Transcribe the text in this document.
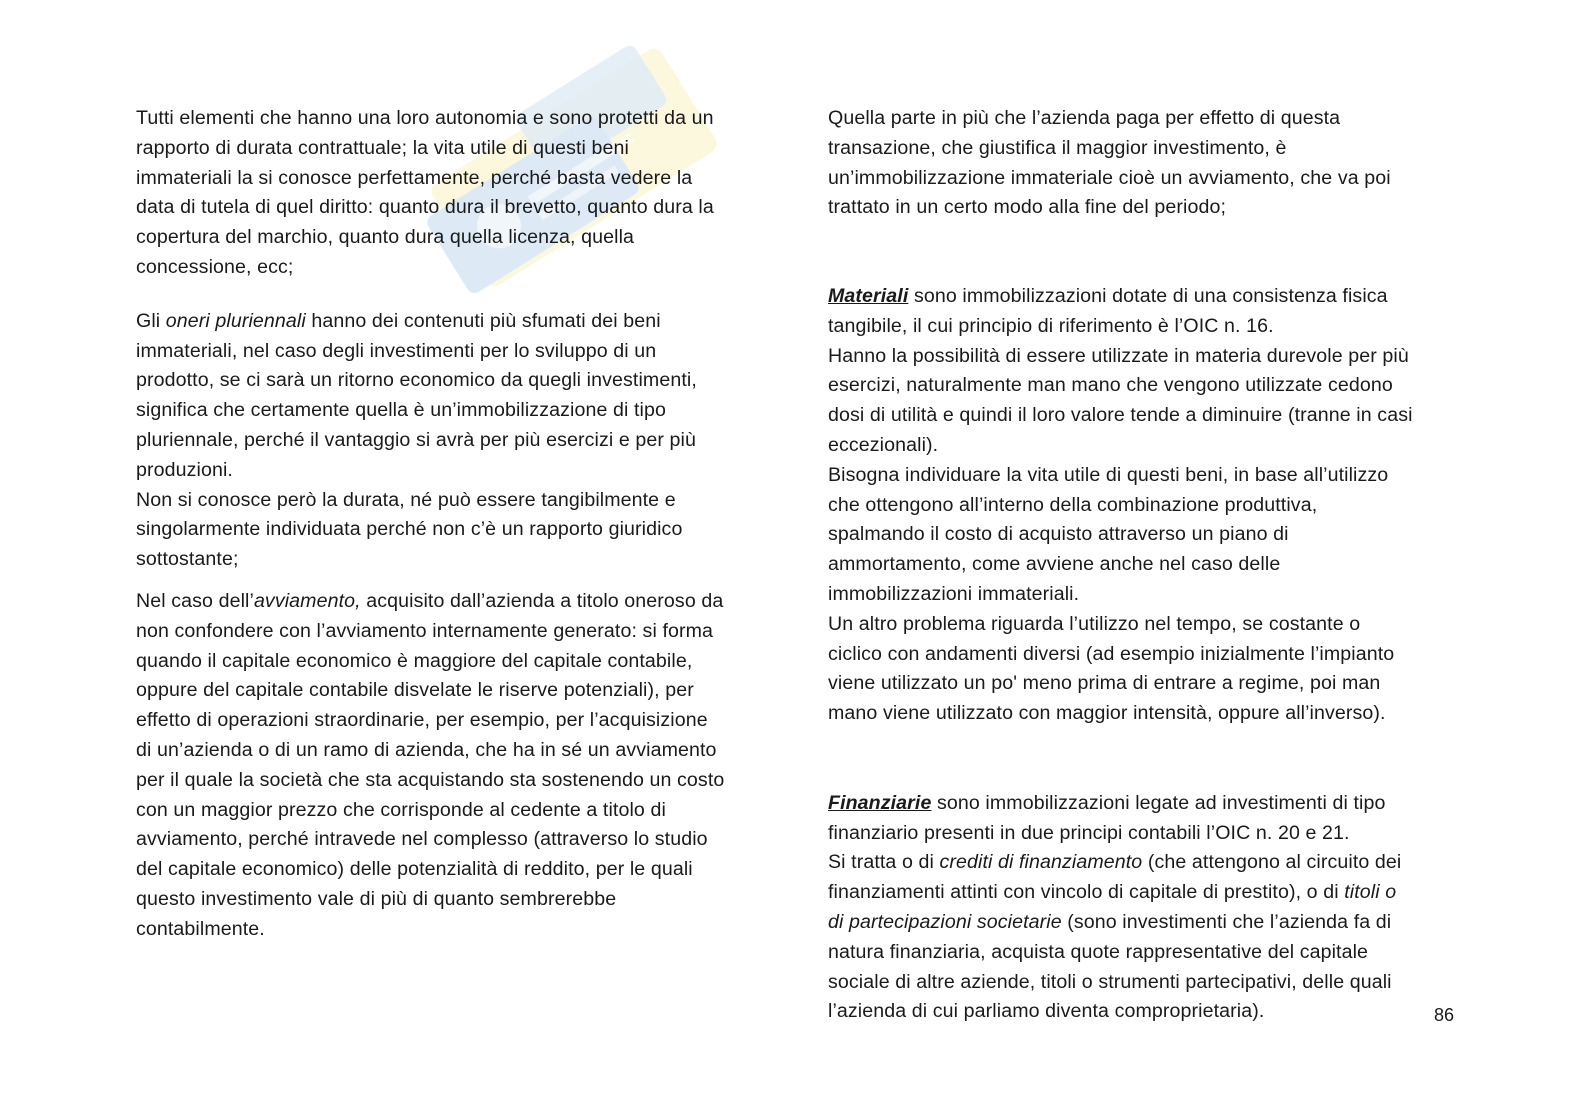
Tutti elementi che hanno una loro autonomia e sono protetti da un
rapporto di durata contrattuale; la vita utile di questi beni
immateriali la si conosce perfettamente, perché basta vedere la
data di tutela di quel diritto: quanto dura il brevetto, quanto dura la
copertura del marchio, quanto dura quella licenza, quella
concessione, ecc;

Gli oneri pluriennali hanno dei contenuti più sfumati dei beni
immateriali, nel caso degli investimenti per lo sviluppo di un
prodotto, se ci sarà un ritorno economico da quegli investimenti,
significa che certamente quella è un’immobilizzazione di tipo
pluriennale, perché il vantaggio si avrà per più esercizi e per più
produzioni.

Non si conosce però la durata, né può essere tangibilmente e
singolarmente individuata perché non c’è un rapporto giuridico
sottostante;

Nel caso dell’avviamento, acquisito dall’azienda a titolo oneroso da
non confondere con l’avviamento internamente generato: si forma
quando il capitale economico è maggiore del capitale contabile,
oppure del capitale contabile disvelate le riserve potenziali), per
effetto di operazioni straordinarie, per esempio, per l’acquisizione
di un’azienda o di un ramo di azienda, che ha in sé un avviamento
per il quale la società che sta acquistando sta sostenendo un costo
con un maggior prezzo che corrisponde al cedente a titolo di
avviamento, perché intravede nel complesso (attraverso lo studio
del capitale economico) delle potenzialità di reddito, per le quali
questo investimento vale di più di quanto sembrerebbe
contabilmente.

Quella parte in più che l’azienda paga per effetto di questa
transazione, che giustifica il maggior investimento, è
un’immobilizzazione immateriale cioè un avviamento, che va poi
trattato in un certo modo alla fine del periodo;

Materiali sono immobilizzazioni dotate di una consistenza fisica
tangibile, il cui principio di riferimento è l’OIC n. 16.
Hanno la possibilità di essere utilizzate in materia durevole per più
esercizi, naturalmente man mano che vengono utilizzate cedono
dosi di utilità e quindi il loro valore tende a diminuire (tranne in casi
eccezionali).
Bisogna individuare la vita utile di questi beni, in base all’utilizzo
che ottengono all’interno della combinazione produttiva,
spalmando il costo di acquisto attraverso un piano di
ammortamento, come avviene anche nel caso delle
immobilizzazioni immateriali.
Un altro problema riguarda l’utilizzo nel tempo, se costante o
ciclico con andamenti diversi (ad esempio inizialmente l’impianto
viene utilizzato un po' meno prima di entrare a regime, poi man
mano viene utilizzato con maggior intensità, oppure all’inverso).

Finanziarie sono immobilizzazioni legate ad investimenti di tipo
finanziario presenti in due principi contabili l’OIC n. 20 e 21.
Si tratta o di crediti di finanziamento (che attengono al circuito dei
finanziamenti attinti con vincolo di capitale di prestito), o di titoli o
di partecipazioni societarie (sono investimenti che l’azienda fa di
natura finanziaria, acquista quote rappresentative del capitale
sociale di altre aziende, titoli o strumenti partecipativi, delle quali
l’azienda di cui parliamo diventa comproprietaria).	86
